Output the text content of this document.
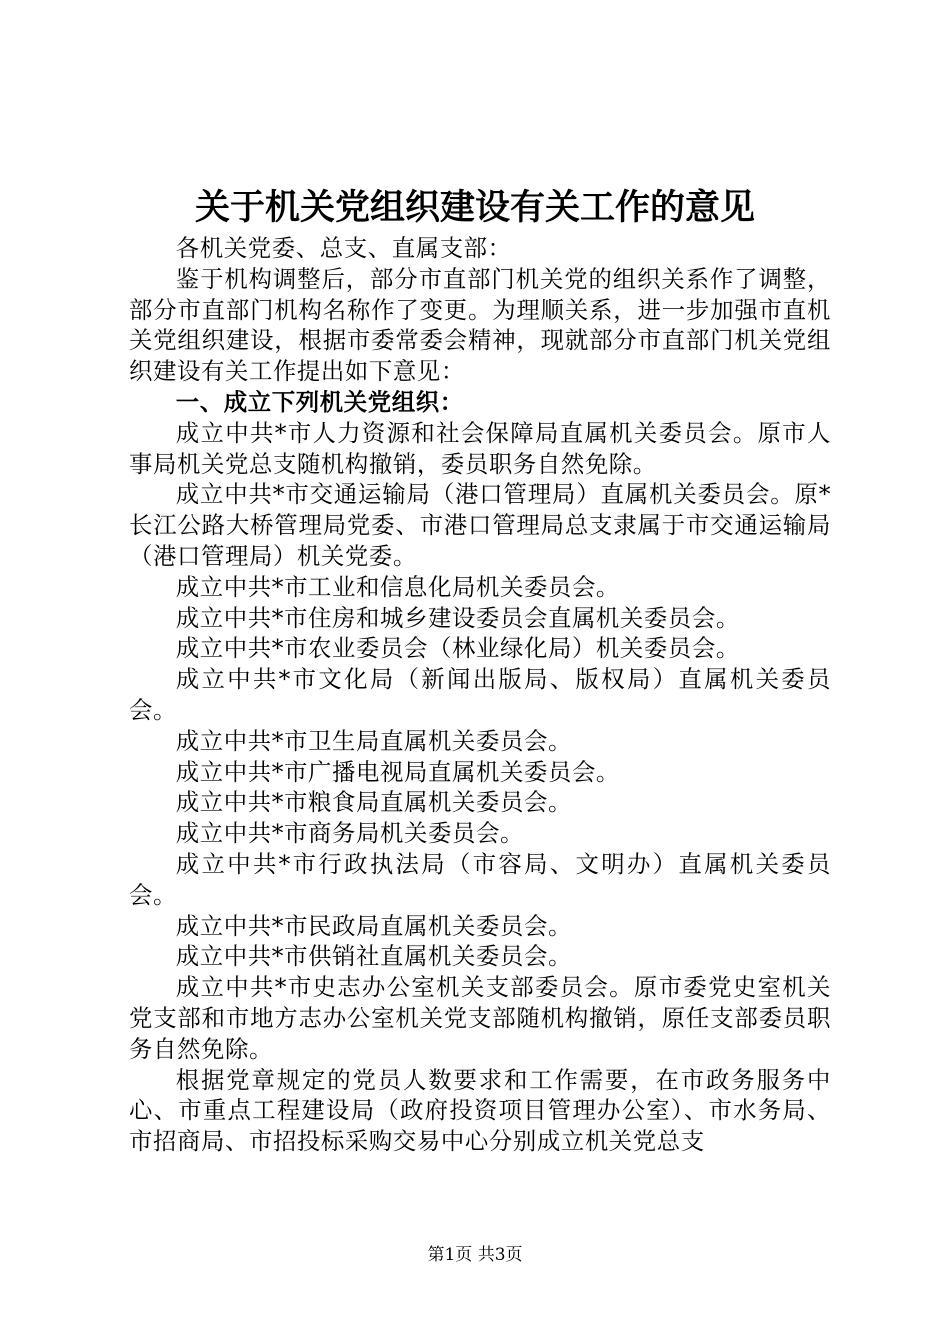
关于机关党组织建设有关工作的意见

各机关党委、总支、直属支部：

鉴于机构调整后，部分市直部门机关党的组织关系作了调整，部分市直部门机构名称作了变更。为理顺关系，进一步加强市直机关党组织建设，根据市委常委会精神，现就部分市直部门机关党组织建设有关工作提出如下意见：

一、成立下列机关党组织：

成立中共*市人力资源和社会保障局直属机关委员会。原市人事局机关党总支随机构撤销，委员职务自然免除。

成立中共*市交通运输局（港口管理局）直属机关委员会。原*长江公路大桥管理局党委、市港口管理局总支隶属于市交通运输局（港口管理局）机关党委。

成立中共*市工业和信息化局机关委员会。

成立中共*市住房和城乡建设委员会直属机关委员会。

成立中共*市农业委员会（林业绿化局）机关委员会。

成立中共*市文化局（新闻出版局、版权局）直属机关委员会。

成立中共*市卫生局直属机关委员会。

成立中共*市广播电视局直属机关委员会。

成立中共*市粮食局直属机关委员会。

成立中共*市商务局机关委员会。

成立中共*市行政执法局（市容局、文明办）直属机关委员会。

成立中共*市民政局直属机关委员会。

成立中共*市供销社直属机关委员会。

成立中共*市史志办公室机关支部委员会。原市委党史室机关党支部和市地方志办公室机关党支部随机构撤销，原任支部委员职务自然免除。

根据党章规定的党员人数要求和工作需要，在市政务服务中心、市重点工程建设局（政府投资项目管理办公室）、市水务局、市招商局、市招投标采购交易中心分别成立机关党总支

第1页 共3页
